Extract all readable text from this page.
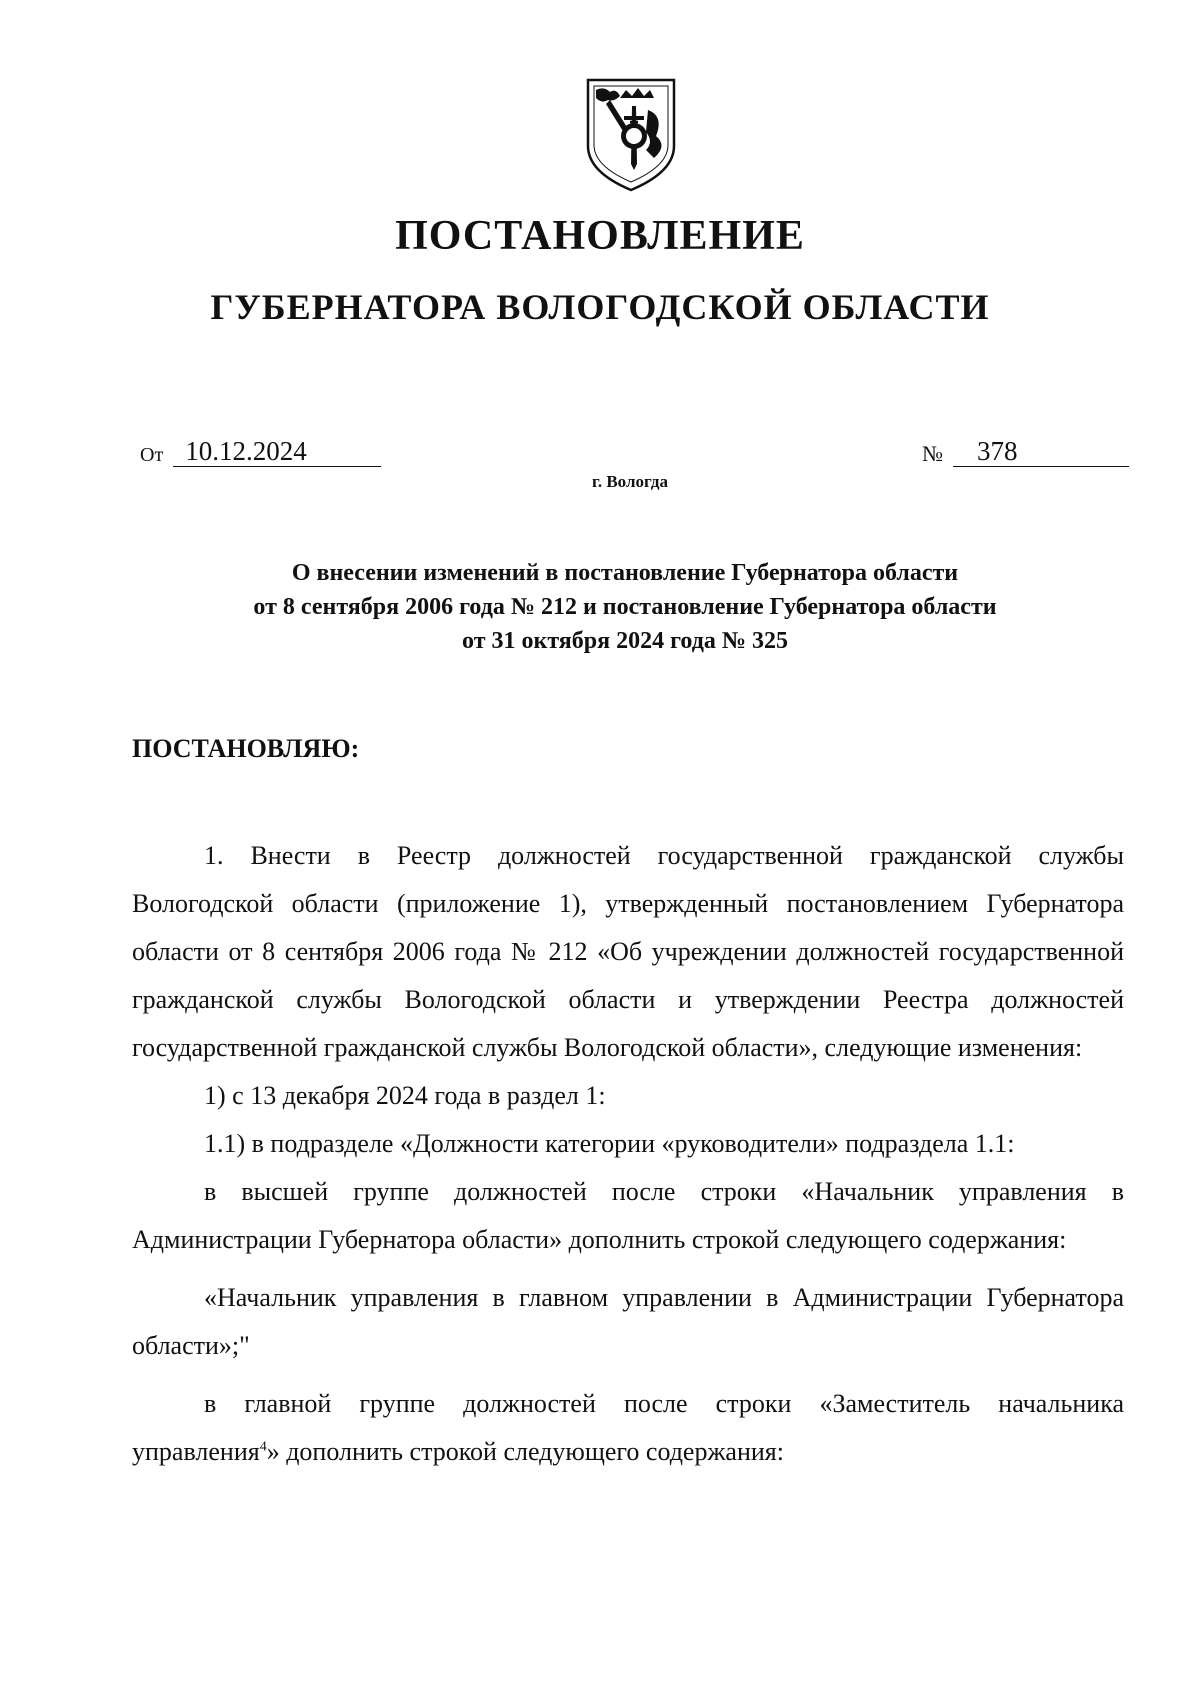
ПОСТАНОВЛЕНИЕ
ГУБЕРНАТОРА ВОЛОГОДСКОЙ ОБЛАСТИ
От 10.12.2024	№ 378
г. Вологда
О внесении изменений в постановление Губернатора области
от 8 сентября 2006 года № 212 и постановление Губернатора области
от 31 октября 2024 года № 325
ПОСТАНОВЛЯЮ:

1. Внести в Реестр должностей государственной гражданской службы Вологодской области (приложение 1), утвержденный постановлением Губернатора области от 8 сентября 2006 года № 212 «Об учреждении должностей государственной гражданской службы Вологодской области и утверждении Реестра должностей государственной гражданской службы Вологодской области», следующие изменения:

1) с 13 декабря 2024 года в раздел 1:

1.1) в подразделе «Должности категории «руководители» подраздела 1.1:

в высшей группе должностей после строки «Начальник управления в Администрации Губернатора области» дополнить строкой следующего содержания:

«Начальник управления в главном управлении в Администрации Губернатора области»;"

в главной группе должностей после строки «Заместитель начальника управления$^4$» дополнить строкой следующего содержания:
